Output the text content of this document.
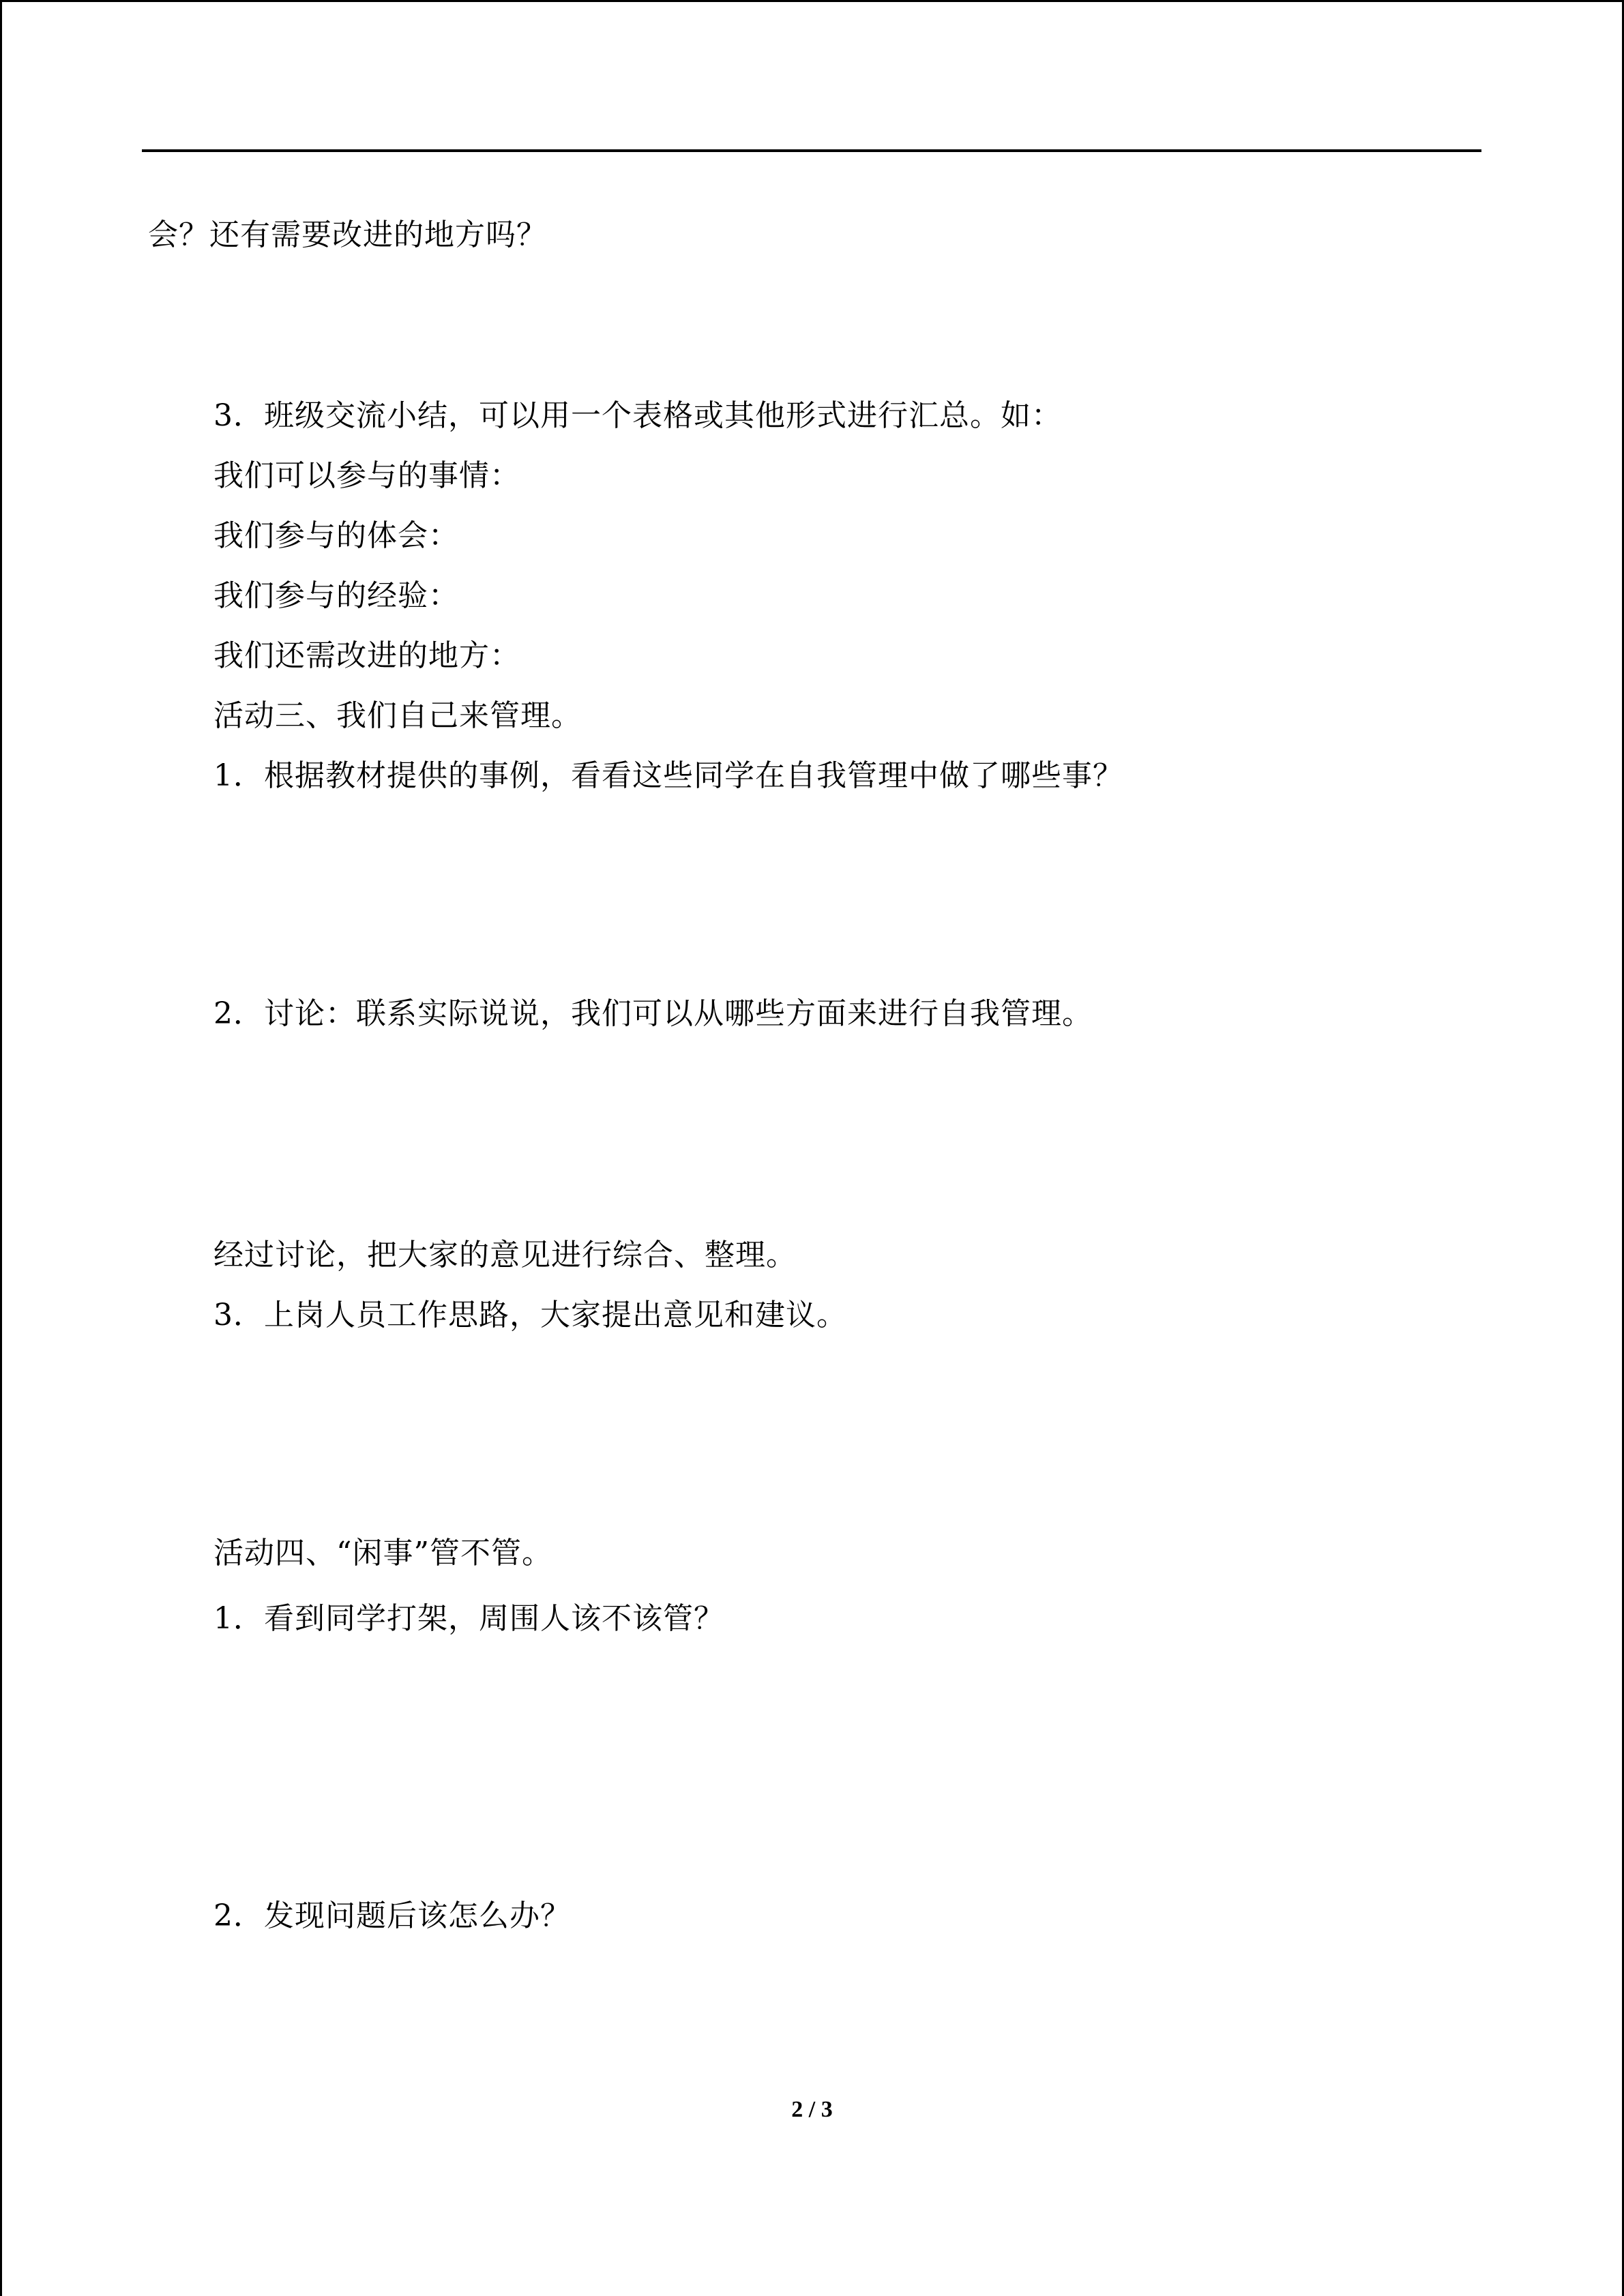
会？还有需要改进的地方吗？
3．班级交流小结，可以用一个表格或其他形式进行汇总。如：
我们可以参与的事情：
我们参与的体会：
我们参与的经验：
我们还需改进的地方：
活动三、我们自己来管理。
1．根据教材提供的事例，看看这些同学在自我管理中做了哪些事？
2．讨论：联系实际说说，我们可以从哪些方面来进行自我管理。
经过讨论，把大家的意见进行综合、整理。
3．上岗人员工作思路，大家提出意见和建议。
活动四、“闲事”管不管。
1．看到同学打架，周围人该不该管？
2．发现问题后该怎么办？
2 / 3
